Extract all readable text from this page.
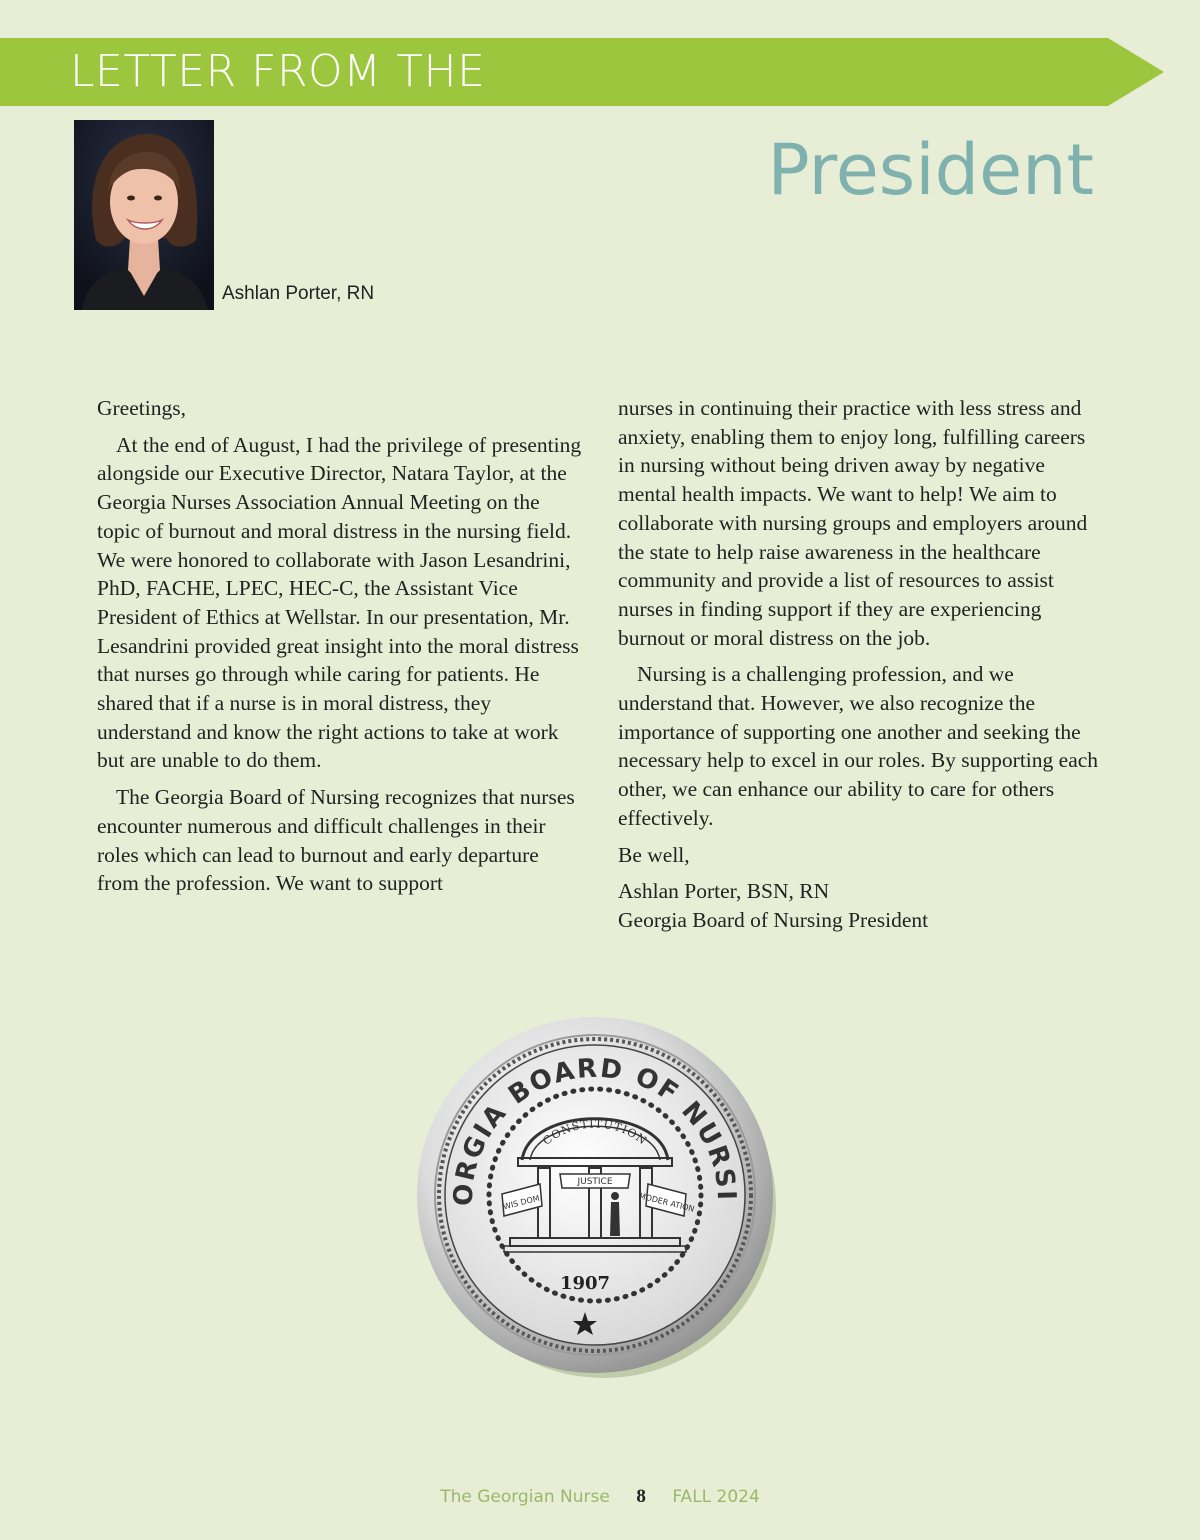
LETTER FROM THE
President
Ashlan Porter, RN

Greetings,

At the end of August, I had the privilege of presenting alongside our Executive Director, Natara Taylor, at the Georgia Nurses Association Annual Meeting on the topic of burnout and moral distress in the nursing field. We were honored to collaborate with Jason Lesandrini, PhD, FACHE, LPEC, HEC-C, the Assistant Vice President of Ethics at Wellstar. In our presentation, Mr. Lesandrini provided great insight into the moral distress that nurses go through while caring for patients. He shared that if a nurse is in moral distress, they understand and know the right actions to take at work but are unable to do them.

The Georgia Board of Nursing recognizes that nurses encounter numerous and difficult challenges in their roles which can lead to burnout and early departure from the profession. We want to support

nurses in continuing their practice with less stress and anxiety, enabling them to enjoy long, fulfilling careers in nursing without being driven away by negative mental health impacts. We want to help! We aim to collaborate with nursing groups and employers around the state to help raise awareness in the healthcare community and provide a list of resources to assist nurses in finding support if they are experiencing burnout or moral distress on the job.

Nursing is a challenging profession, and we understand that. However, we also recognize the importance of supporting one another and seeking the necessary help to excel in our roles. By supporting each other, we can enhance our ability to care for others effectively.

Be well,

Ashlan Porter, BSN, RN
Georgia Board of Nursing President

ORGIA BOARD OF NURSI
CONSTITUTION
WIS DOM
JUSTICE
MODER ATION
1907
The Georgian Nurse 8 FALL 2024
